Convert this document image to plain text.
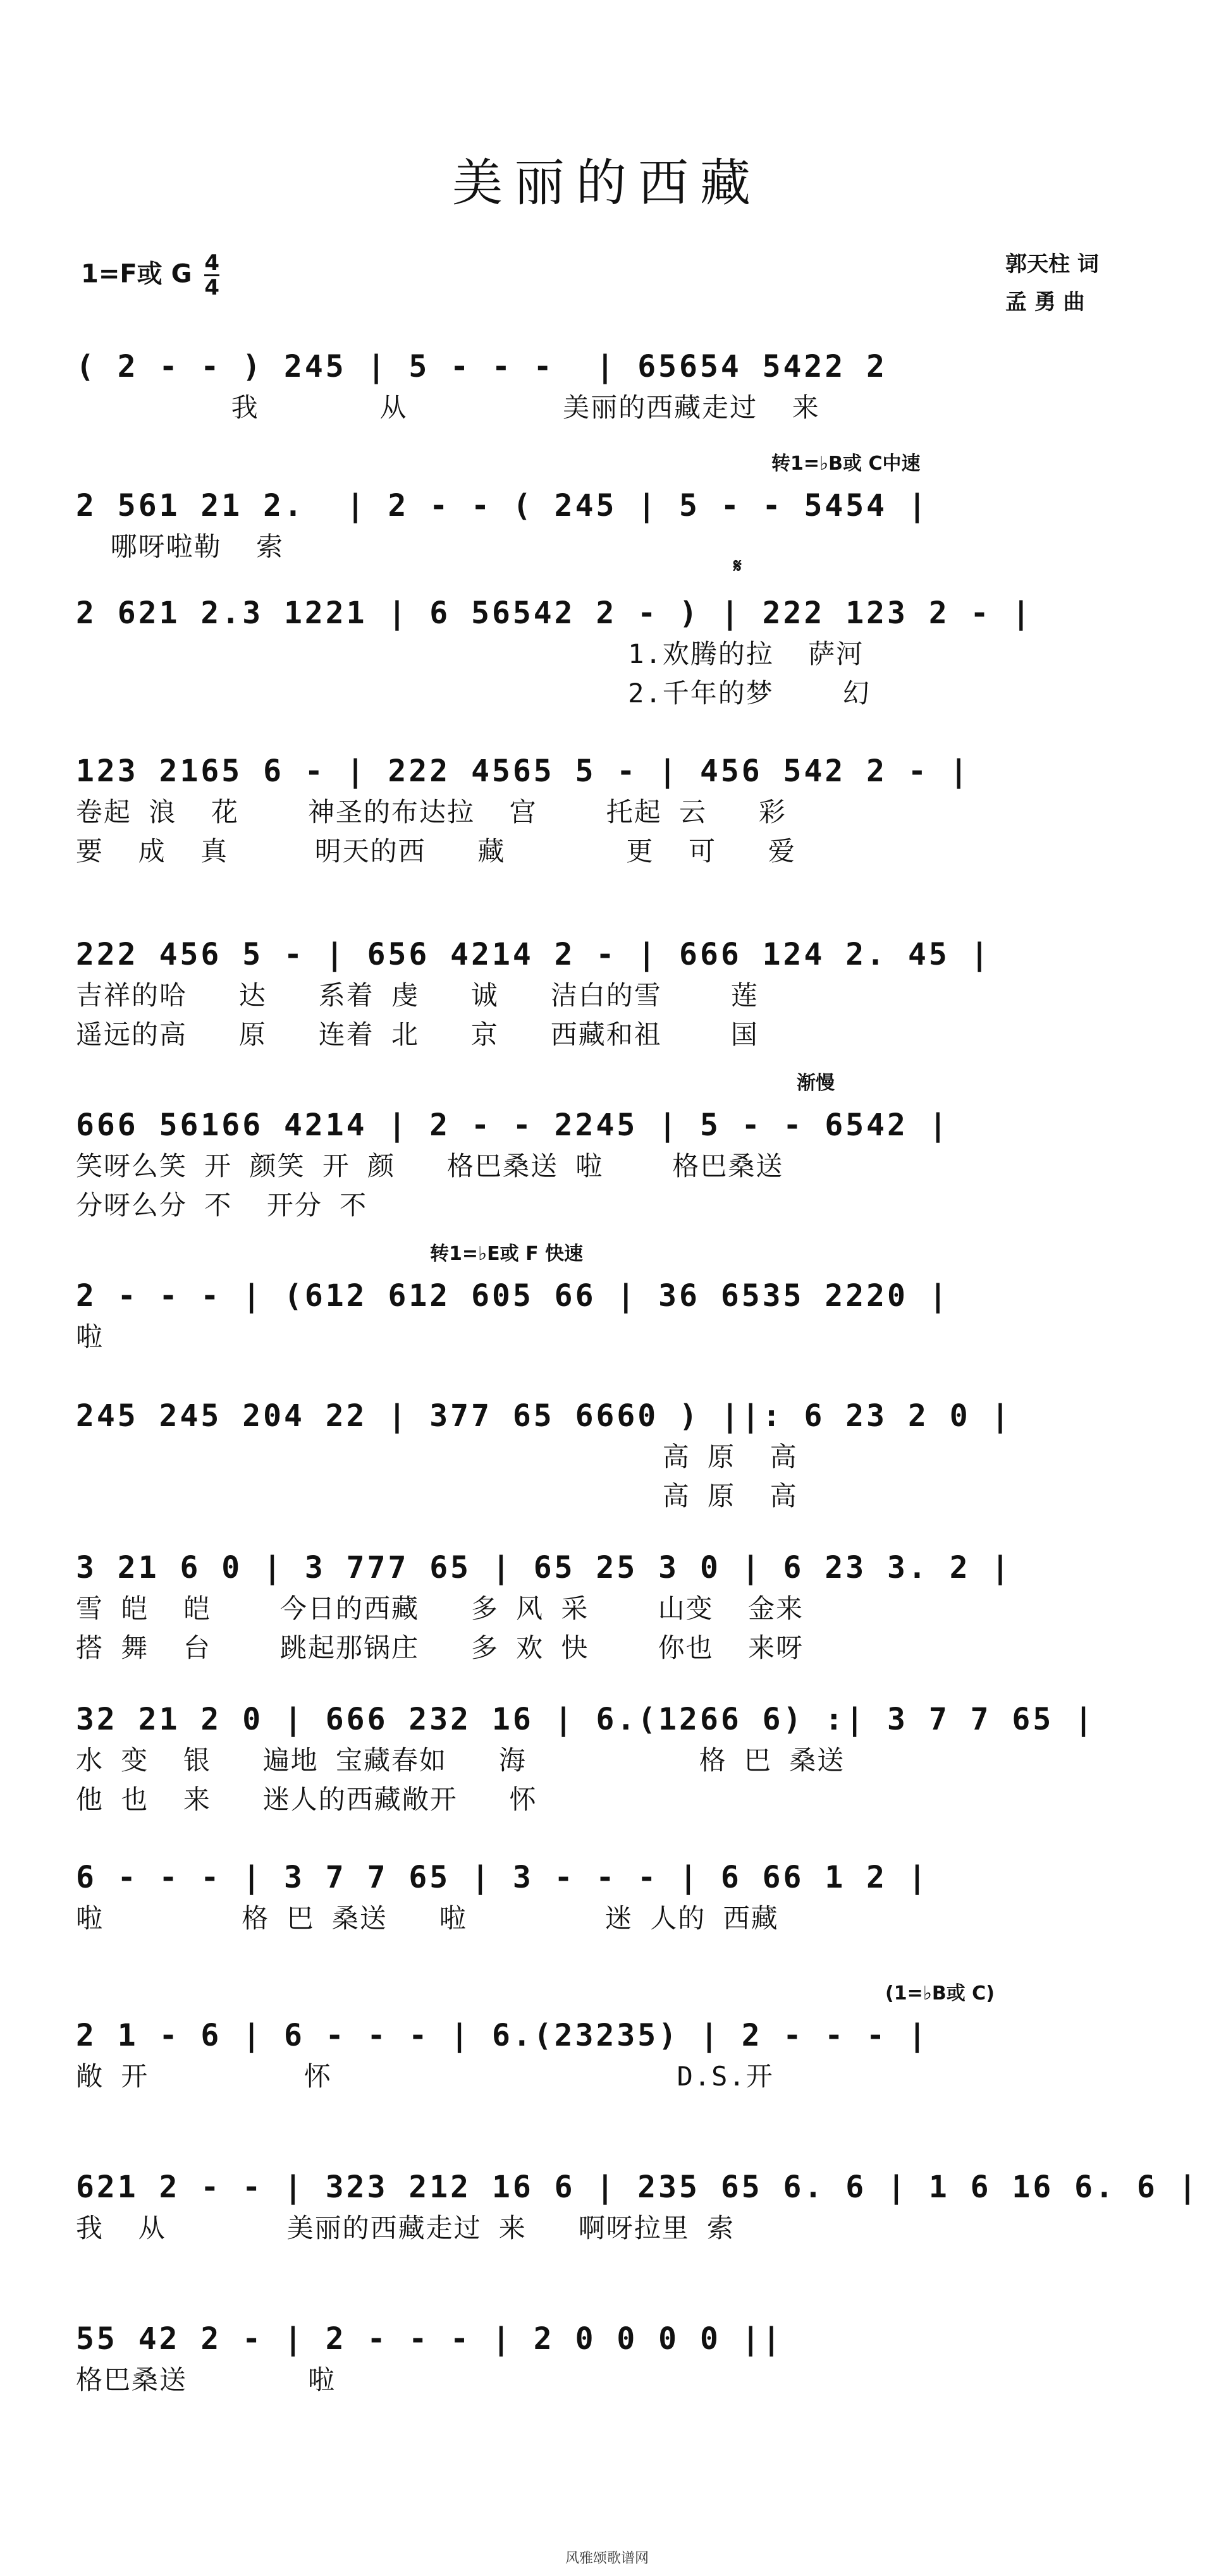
美丽的西藏
1=F或 G $\frac{4}{4}$	郭天柱 词
孟 勇 曲
( 2 - - ) 245 | 5 - - -  | 65654 5422 2
我       从         美丽的西藏走过  来
转1=♭B或 C中速
2 561 21 2.  | 2 - - ( 245 | 5 - - 5454 |
哪呀啦勒  索
𝄋
2 621 2.3 1221 | 6 56542 2 - ) | 222 123 2 - |
1.欢腾的拉  萨河
2.千年的梦    幻
123 2165 6 - | 222 4565 5 - | 456 542 2 - |
卷起 浪  花    神圣的布达拉  宫    托起 云   彩
要  成  真     明天的西   藏       更  可   爱
222 456 5 - | 656 4214 2 - | 666 124 2. 45 |
吉祥的哈   达   系着 虔   诚   洁白的雪    莲
遥远的高   原   连着 北   京   西藏和祖    国
渐慢
666 56166 4214 | 2 - - 2245 | 5 - - 6542 |
笑呀么笑 开 颜笑 开 颜   格巴桑送 啦    格巴桑送
分呀么分 不  开分 不
转1=♭E或 F 快速
2 - - - | (612 612 605 66 | 36 6535 2220 |
啦
245 245 204 22 | 377 65 6660 ) ||: 6 23 2 0 |
高 原  高
高 原  高
3 21 6 0 | 3 777 65 | 65 25 3 0 | 6 23 3. 2 |
雪 皑  皑    今日的西藏   多 风 采    山变  金来
搭 舞  台    跳起那锅庄   多 欢 快    你也  来呀
32 21 2 0 | 666 232 16 | 6.(1266 6) :| 3 7 7 65 |
水 变  银   遍地 宝藏春如   海          格 巴 桑送
他 也  来   迷人的西藏敞开   怀
6 - - - | 3 7 7 65 | 3 - - - | 6 66 1 2 |
啦        格 巴 桑送   啦        迷 人的 西藏
(1=♭B或 C)
2 1 - 6 | 6 - - - | 6.(23235) | 2 - - - |
敞 开         怀                    D.S.开
621 2 - - | 323 212 16 6 | 235 65 6. 6 | 1 6 16 6. 6 |
我  从       美丽的西藏走过 来   啊呀拉里 索
55 42 2 - | 2 - - - | 2 0 0 0 0 ||
格巴桑送       啦
风雅颂歌谱网
